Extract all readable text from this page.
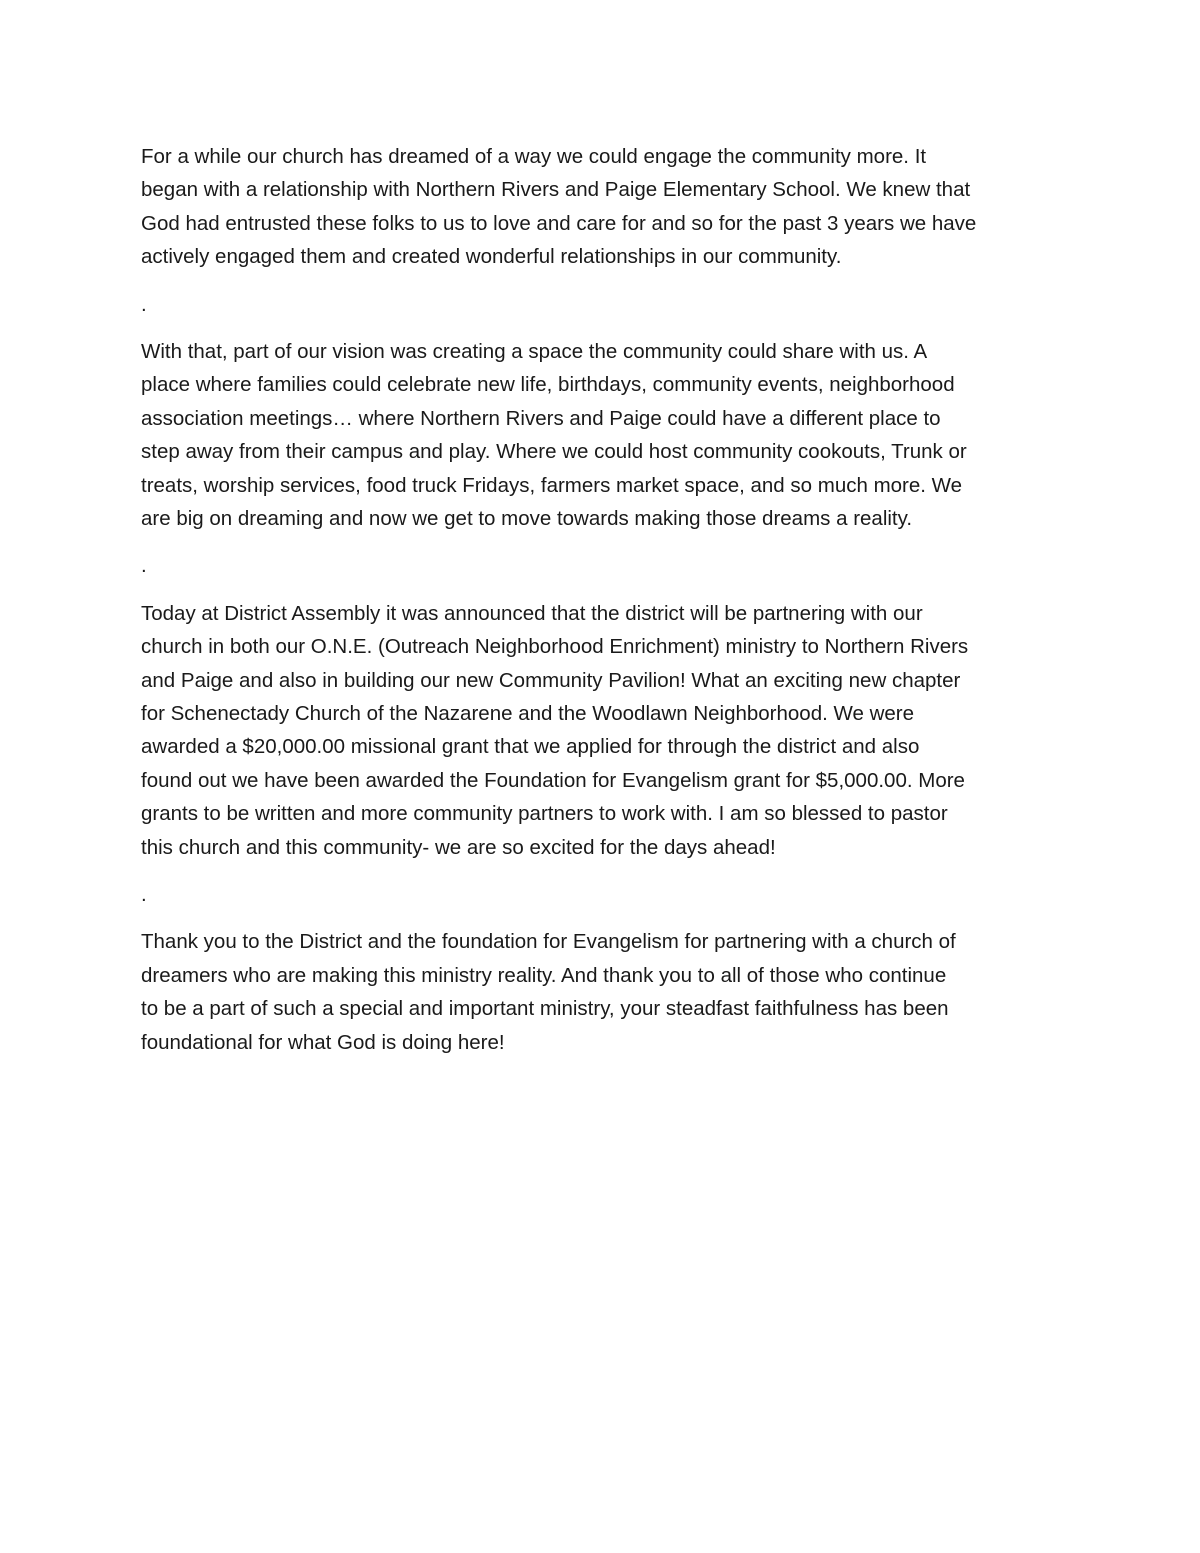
For a while our church has dreamed of a way we could engage the community more. It
began with a relationship with Northern Rivers and Paige Elementary School. We knew that
God had entrusted these folks to us to love and care for and so for the past 3 years we have
actively engaged them and created wonderful relationships in our community.

.

With that, part of our vision was creating a space the community could share with us. A
place where families could celebrate new life, birthdays, community events, neighborhood
association meetings… where Northern Rivers and Paige could have a different place to
step away from their campus and play. Where we could host community cookouts, Trunk or
treats, worship services, food truck Fridays, farmers market space, and so much more. We
are big on dreaming and now we get to move towards making those dreams a reality.

.

Today at District Assembly it was announced that the district will be partnering with our
church in both our O.N.E. (Outreach Neighborhood Enrichment) ministry to Northern Rivers
and Paige and also in building our new Community Pavilion! What an exciting new chapter
for Schenectady Church of the Nazarene and the Woodlawn Neighborhood. We were
awarded a $20,000.00 missional grant that we applied for through the district and also
found out we have been awarded the Foundation for Evangelism grant for $5,000.00. More
grants to be written and more community partners to work with. I am so blessed to pastor
this church and this community- we are so excited for the days ahead!

.

Thank you to the District and the foundation for Evangelism for partnering with a church of
dreamers who are making this ministry reality. And thank you to all of those who continue
to be a part of such a special and important ministry, your steadfast faithfulness has been
foundational for what God is doing here!
